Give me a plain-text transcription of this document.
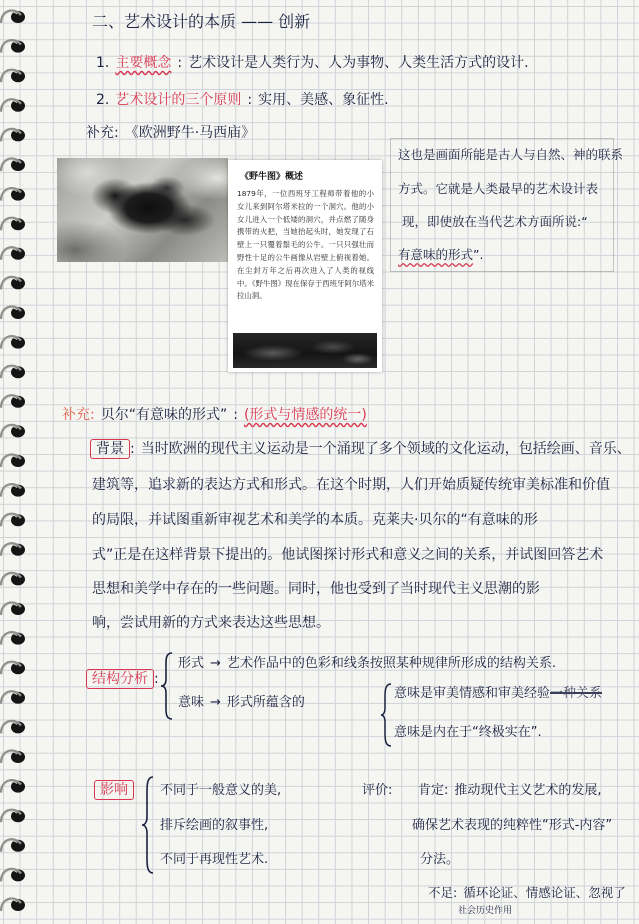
二、艺术设计的本质 —— 创新
1. 主要概念 : 艺术设计是人类行为、人为事物、人类生活方式的设计.
2. 艺术设计的三个原则 : 实用、美感、象征性.
补充: 《欧洲野牛·马西庙》
《野牛图》概述
1879年，一位西班牙工程师带着他的小女儿来到阿尔塔米拉的一个洞穴。他的小女儿进入一个低矮的洞穴，并点燃了随身携带的火把，当她抬起头时，她发现了石壁上一只覆着鬃毛的公牛。一只只强壮而野性十足的公牛画像从岩壁上俯视着她。在尘封万年之后再次进入了人类的视线中。《野牛图》现在保存于西班牙阿尔塔米拉山洞。
这也是画面所能是古人与自然、神的联系
方式。它就是人类最早的艺术设计表
现，即使放在当代艺术方面所说:“
有意味的形式”.
补充: 贝尔“有意味的形式” : (形式与情感的统一)
背景 : 当时欧洲的现代主义运动是一个涌现了多个领域的文化运动，包括绘画、音乐、
建筑等，追求新的表达方式和形式。在这个时期，人们开始质疑传统审美标准和价值
的局限，并试图重新审视艺术和美学的本质。克莱夫·贝尔的“有意味的形
式”正是在这样背景下提出的。他试图探讨形式和意义之间的关系，并试图回答艺术
思想和美学中存在的一些问题。同时，他也受到了当时现代主义思潮的影
响，尝试用新的方式来表达这些思想。
结构分析 :
形式 → 艺术作品中的色彩和线条按照某种规律所形成的结构关系.
意味 → 形式所蕴含的
意味是审美情感和审美经验一种关系
意味是内在于“终极实在”.
影响	不同于一般意义的美,
排斥绘画的叙事性,
不同于再现性艺术.
评价: 肯定: 推动现代主义艺术的发展,
确保艺术表现的纯粹性“形式-内容”
分法。
不足: 循环论证、情感论证、忽视了
社会历史作用
